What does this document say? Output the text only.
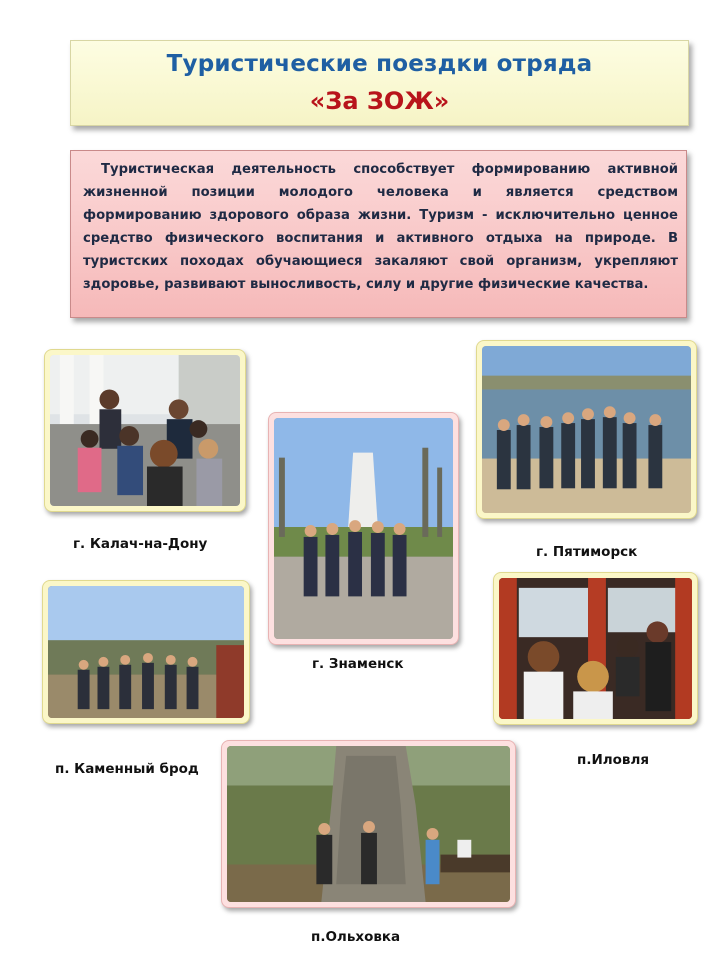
Туристические поездки отряда
«За ЗОЖ»

Туристическая деятельность способствует формированию активной жизненной позиции молодого человека и является средством формированию здорового образа жизни. Туризм - исключительно ценное средство физического воспитания и активного отдыха на природе. В туристских походах обучающиеся закаляют свой организм, укрепляют здоровье, развивают выносливость, силу и другие физические качества.

г. Калач-на-Дону	г. Пятиморск
г. Знаменск
п. Каменный брод
п.Иловля
п.Ольховка
